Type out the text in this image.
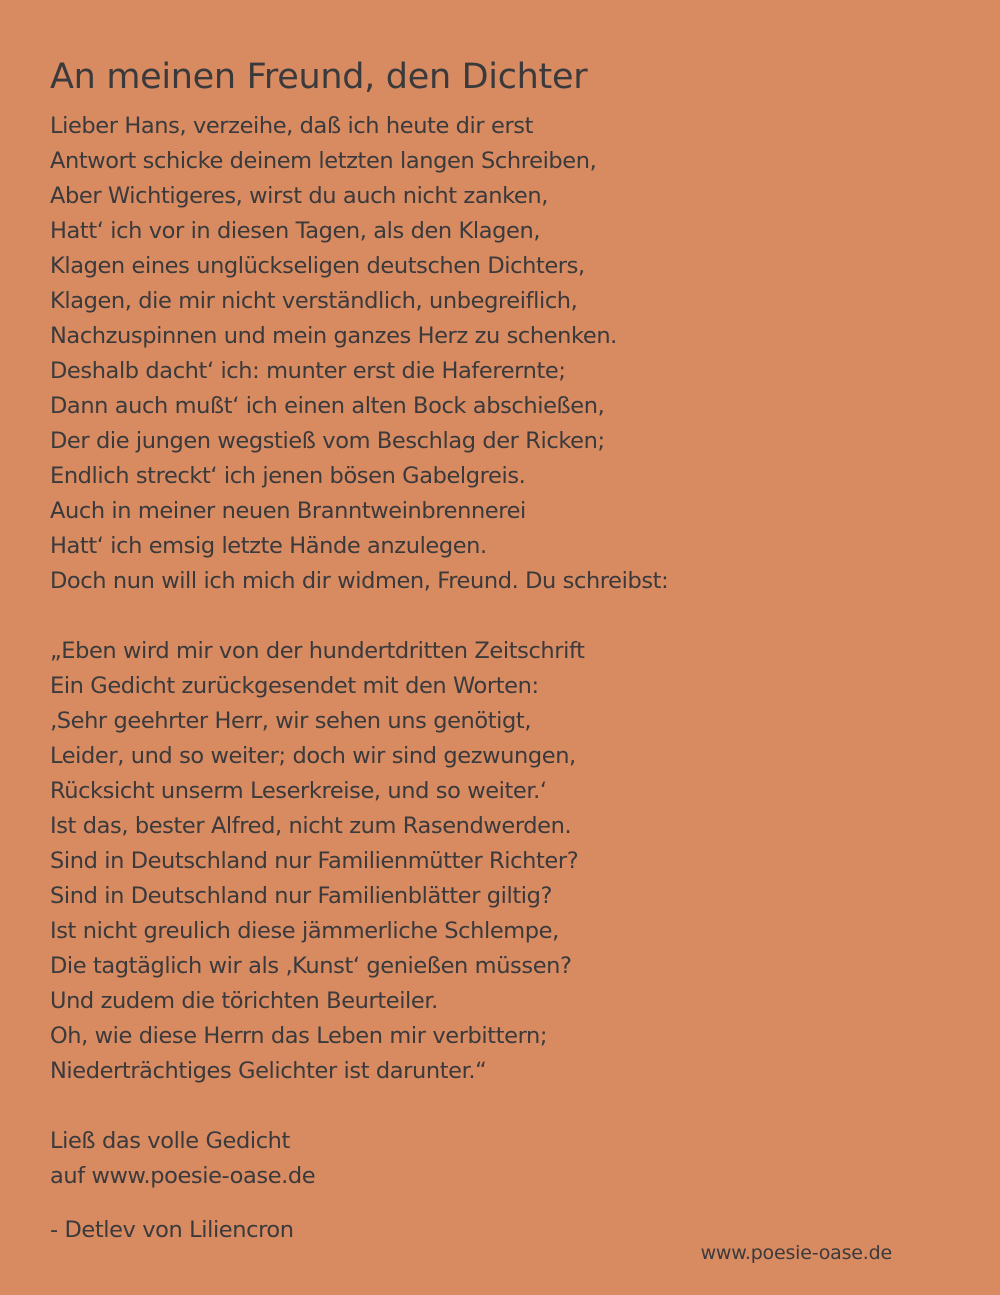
An meinen Freund, den Dichter
Lieber Hans, verzeihe, daß ich heute dir erst
Antwort schicke deinem letzten langen Schreiben,
Aber Wichtigeres, wirst du auch nicht zanken,
Hatt‘ ich vor in diesen Tagen, als den Klagen,
Klagen eines unglückseligen deutschen Dichters,
Klagen, die mir nicht verständlich, unbegreiflich,
Nachzuspinnen und mein ganzes Herz zu schenken.
Deshalb dacht‘ ich: munter erst die Haferernte;
Dann auch mußt‘ ich einen alten Bock abschießen,
Der die jungen wegstieß vom Beschlag der Ricken;
Endlich streckt‘ ich jenen bösen Gabelgreis.
Auch in meiner neuen Branntweinbrennerei
Hatt‘ ich emsig letzte Hände anzulegen.
Doch nun will ich mich dir widmen, Freund. Du schreibst:
„Eben wird mir von der hundertdritten Zeitschrift
Ein Gedicht zurückgesendet mit den Worten:
‚Sehr geehrter Herr, wir sehen uns genötigt,
Leider, und so weiter; doch wir sind gezwungen,
Rücksicht unserm Leserkreise, und so weiter.‘
Ist das, bester Alfred, nicht zum Rasendwerden.
Sind in Deutschland nur Familienmütter Richter?
Sind in Deutschland nur Familienblätter giltig?
Ist nicht greulich diese jämmerliche Schlempe,
Die tagtäglich wir als ‚Kunst‘ genießen müssen?
Und zudem die törichten Beurteiler.
Oh, wie diese Herrn das Leben mir verbittern;
Niederträchtiges Gelichter ist darunter.“
Ließ das volle Gedicht
auf www.poesie-oase.de
- Detlev von Liliencron
www.poesie-oase.de
